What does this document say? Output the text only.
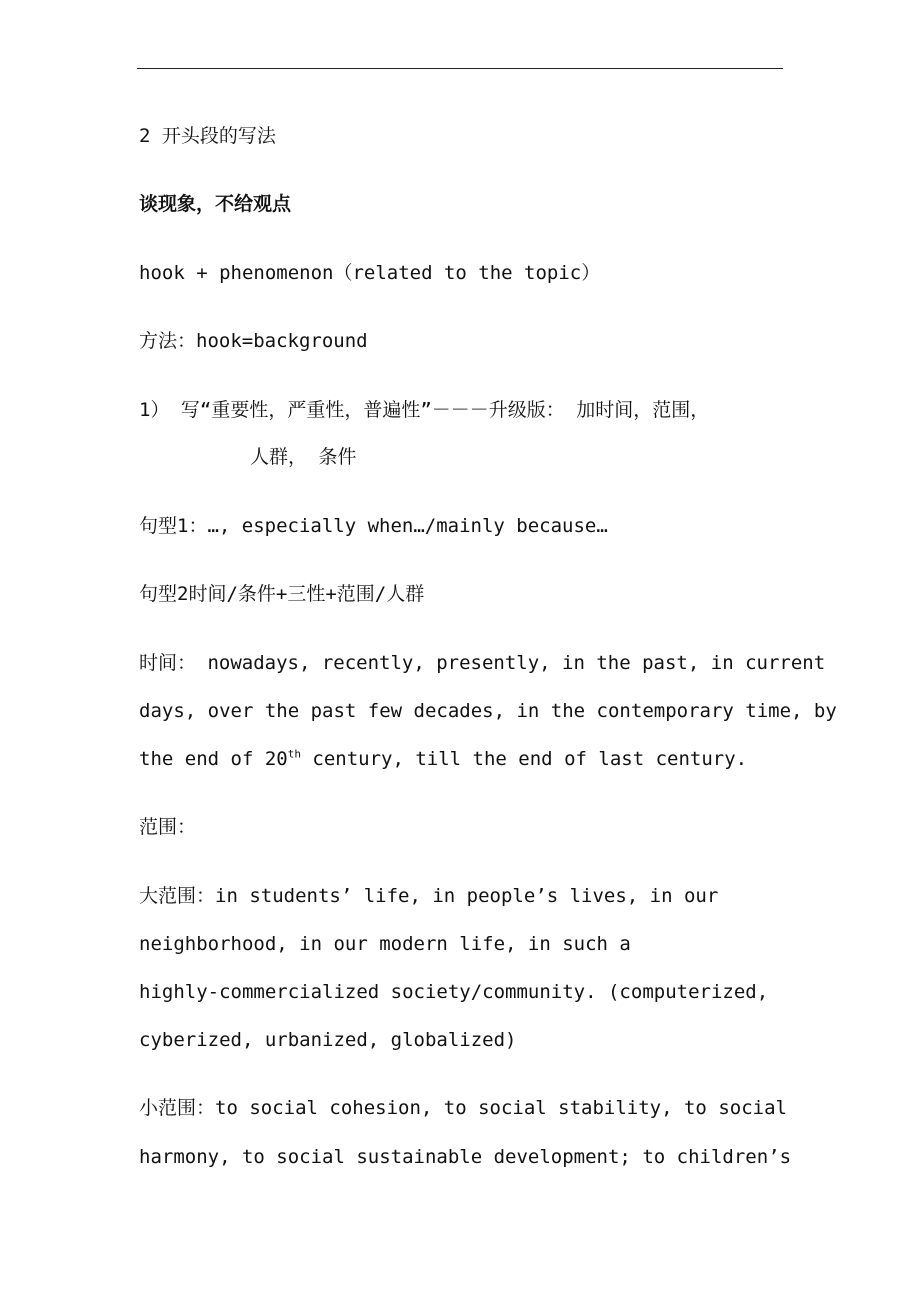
2 开头段的写法
谈现象，不给观点
hook + phenomenon（related to the topic）
方法：hook=background
1） 写“重要性，严重性，普遍性”－－－升级版： 加时间，范围，
人群， 条件
句型1：…, especially when…/mainly because…
句型2时间/条件+三性+范围/人群
时间： nowadays, recently, presently, in the past, in current
days, over the past few decades, in the contemporary time, by
the end of 20th century, till the end of last century.
范围：
大范围：in students’ life, in people’s lives, in our
neighborhood, in our modern life, in such a
highly-commercialized society/community. (computerized,
cyberized, urbanized, globalized)
小范围：to social cohesion, to social stability, to social
harmony, to social sustainable development; to children’s
